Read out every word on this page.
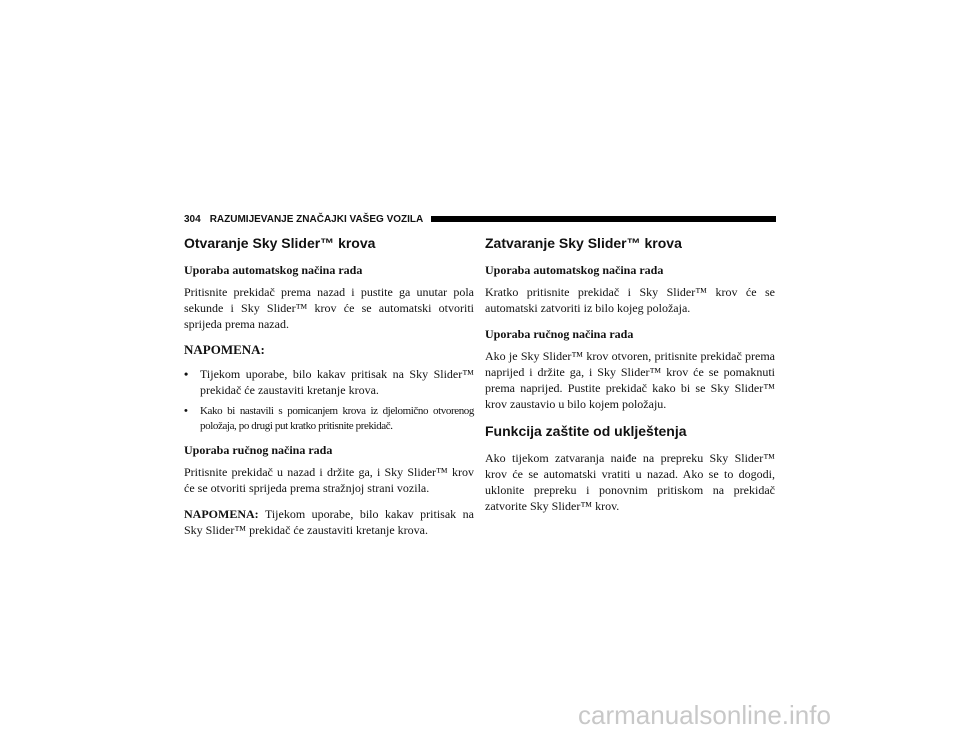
304 RAZUMIJEVANJE ZNAČAJKI VAŠEG VOZILA
Otvaranje Sky Slider™ krova
Uporaba automatskog načina rada

Pritisnite prekidač prema nazad i pustite ga unutar pola sekunde i Sky Slider™ krov će se automatski otvoriti sprijeda prema nazad.

NAPOMENA:
• Tijekom uporabe, bilo kakav pritisak na Sky Slider™ prekidač će zaustaviti kretanje krova.
• Kako bi nastavili s pomicanjem krova iz djelomično otvorenog položaja, po drugi put kratko pritisnite prekidač.
Uporaba ručnog načina rada

Pritisnite prekidač u nazad i držite ga, i Sky Slider™ krov će se otvoriti sprijeda prema stražnjoj strani vozila.

NAPOMENA: Tijekom uporabe, bilo kakav pritisak na Sky Slider™ prekidač će zaustaviti kretanje krova.

Zatvaranje Sky Slider™ krova
Uporaba automatskog načina rada

Kratko pritisnite prekidač i Sky Slider™ krov će se automatski zatvoriti iz bilo kojeg položaja.

Uporaba ručnog načina rada

Ako je Sky Slider™ krov otvoren, pritisnite prekidač prema naprijed i držite ga, i Sky Slider™ krov će se pomaknuti prema naprijed. Pustite prekidač kako bi se Sky Slider™ krov zaustavio u bilo kojem položaju.

Funkcija zaštite od uklještenja

Ako tijekom zatvaranja naiđe na prepreku Sky Slider™ krov će se automatski vratiti u nazad. Ako se to dogodi, uklonite prepreku i ponovnim pritiskom na prekidač zatvorite Sky Slider™ krov.

carmanualsonline.info
